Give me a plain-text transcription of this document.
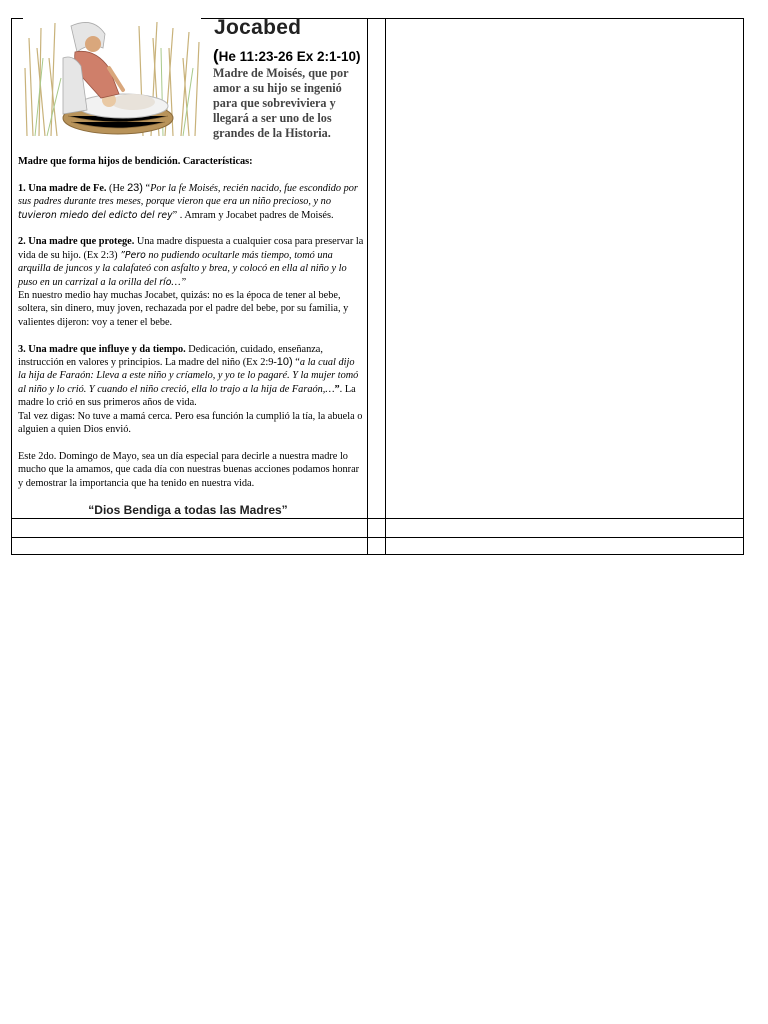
Jocabed
(He 11:23-26 Ex 2:1-10)
Madre de Moisés, que por amor a su hijo se ingenió para que sobreviviera y llegará a ser uno de los grandes de la Historia.

Madre que forma hijos de bendición. Características:

1. Una madre de Fe. (He 23) “Por la fe Moisés, recién nacido, fue escondido por sus padres durante tres meses, porque vieron que era un niño precioso, y no tuvieron miedo del edicto del rey” . Amram y Jocabet padres de Moisés.

2. Una madre que protege. Una madre dispuesta a cualquier cosa para preservar la vida de su hijo. (Ex 2:3) ”Pero no pudiendo ocultarle más tiempo, tomó una arquilla de juncos y la calafateó con asfalto y brea, y colocó en ella al niño y lo puso en un carrizal a la orilla del río…”
En nuestro medio hay muchas Jocabet, quizás: no es la época de tener al bebe, soltera, sin dinero, muy joven, rechazada por el padre del bebe, por su familia, y valientes dijeron: voy a tener el bebe.

3. Una madre que influye y da tiempo. Dedicación, cuidado, enseñanza, instrucción en valores y principios. La madre del niño (Ex 2:9-10) “a la cual dijo la hija de Faraón: Lleva a este niño y críamelo, y yo te lo pagaré. Y la mujer tomó al niño y lo crió. Y cuando el niño creció, ella lo trajo a la hija de Faraón,…”. La madre lo crió en sus primeros años de vida.
Tal vez digas: No tuve a mamá cerca. Pero esa función la cumplió la tía, la abuela o alguien a quien Dios envió.

Este 2do. Domingo de Mayo, sea un día especial para decirle a nuestra madre lo mucho que la amamos, que cada día con nuestras buenas acciones podamos honrar y demostrar la importancia que ha tenido en nuestra vida.

“Dios Bendiga a todas las Madres”
